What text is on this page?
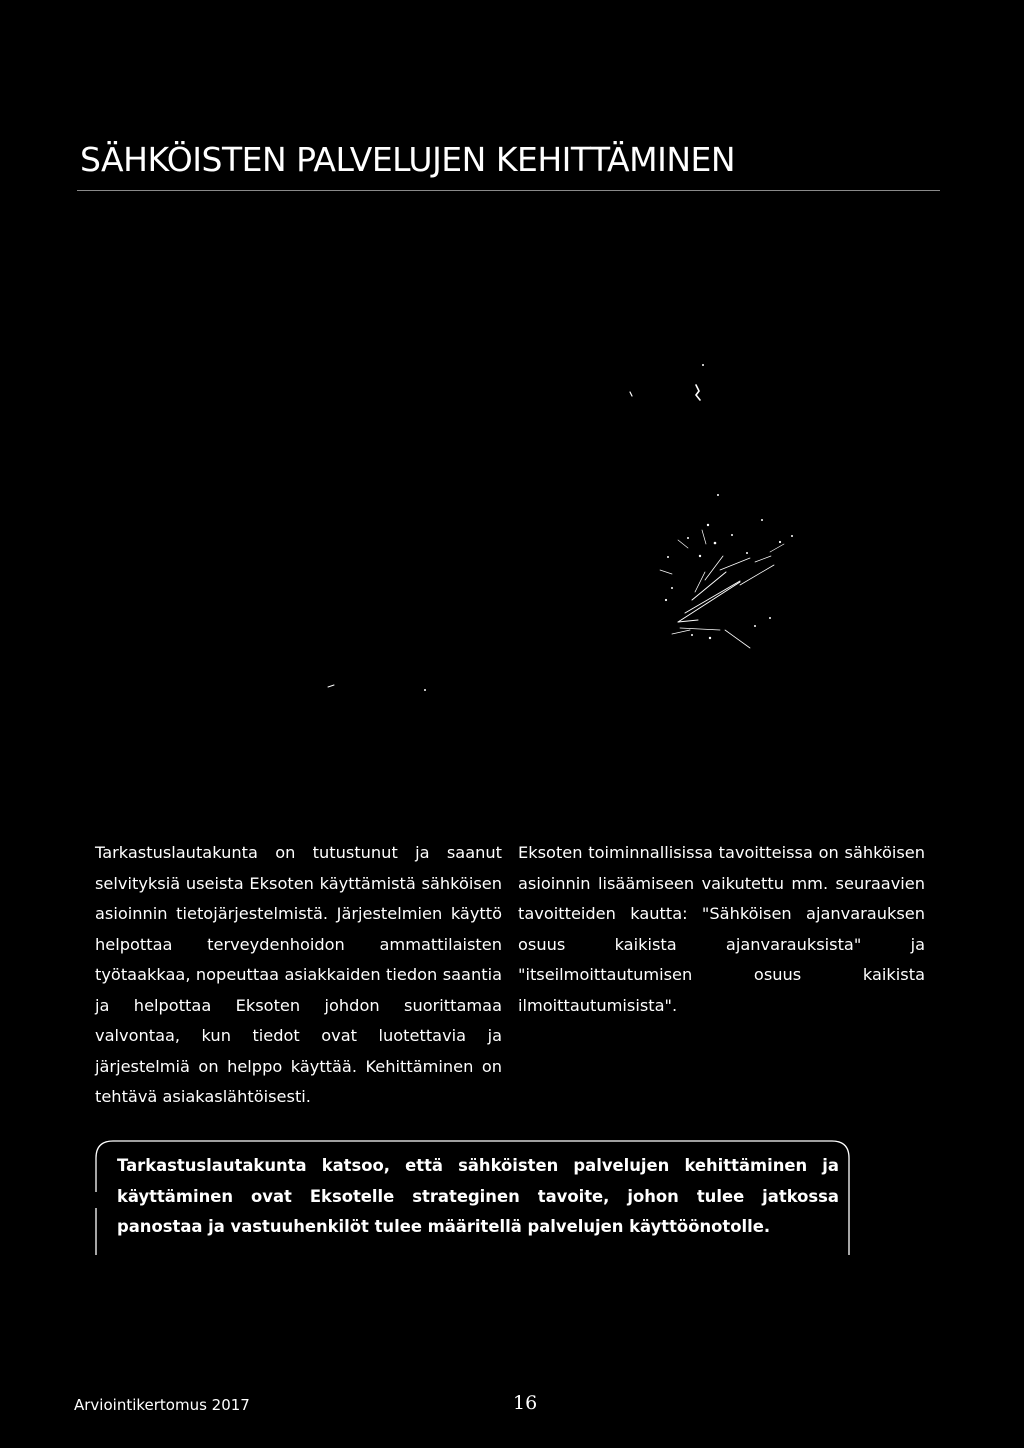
SÄHKÖISTEN PALVELUJEN KEHITTÄMINEN

Tarkastuslautakunta on tutustunut ja saanut selvityksiä useista Eksoten käyttämistä sähköisen asioinnin tietojärjestelmistä. Järjestelmien käyttö helpottaa terveydenhoidon ammattilaisten työtaakkaa, nopeuttaa asiakkaiden tiedon saantia ja helpottaa Eksoten johdon suorittamaa valvontaa, kun tiedot ovat luotettavia ja järjestelmiä on helppo käyttää. Kehittäminen on tehtävä asiakaslähtöisesti.

Eksoten toiminnallisissa tavoitteissa on sähköisen asioinnin lisäämiseen vaikutettu mm. seuraavien tavoitteiden kautta: "Sähköisen ajanvarauksen osuus kaikista ajanvarauksista" ja "itseilmoittautumisen osuus kaikista ilmoittautumisista".

Tarkastuslautakunta katsoo, että sähköisten palvelujen kehittäminen ja käyttäminen ovat Eksotelle strateginen tavoite, johon tulee jatkossa panostaa ja vastuuhenkilöt tulee määritellä palvelujen käyttöönotolle.

Arviointikertomus 2017	16
